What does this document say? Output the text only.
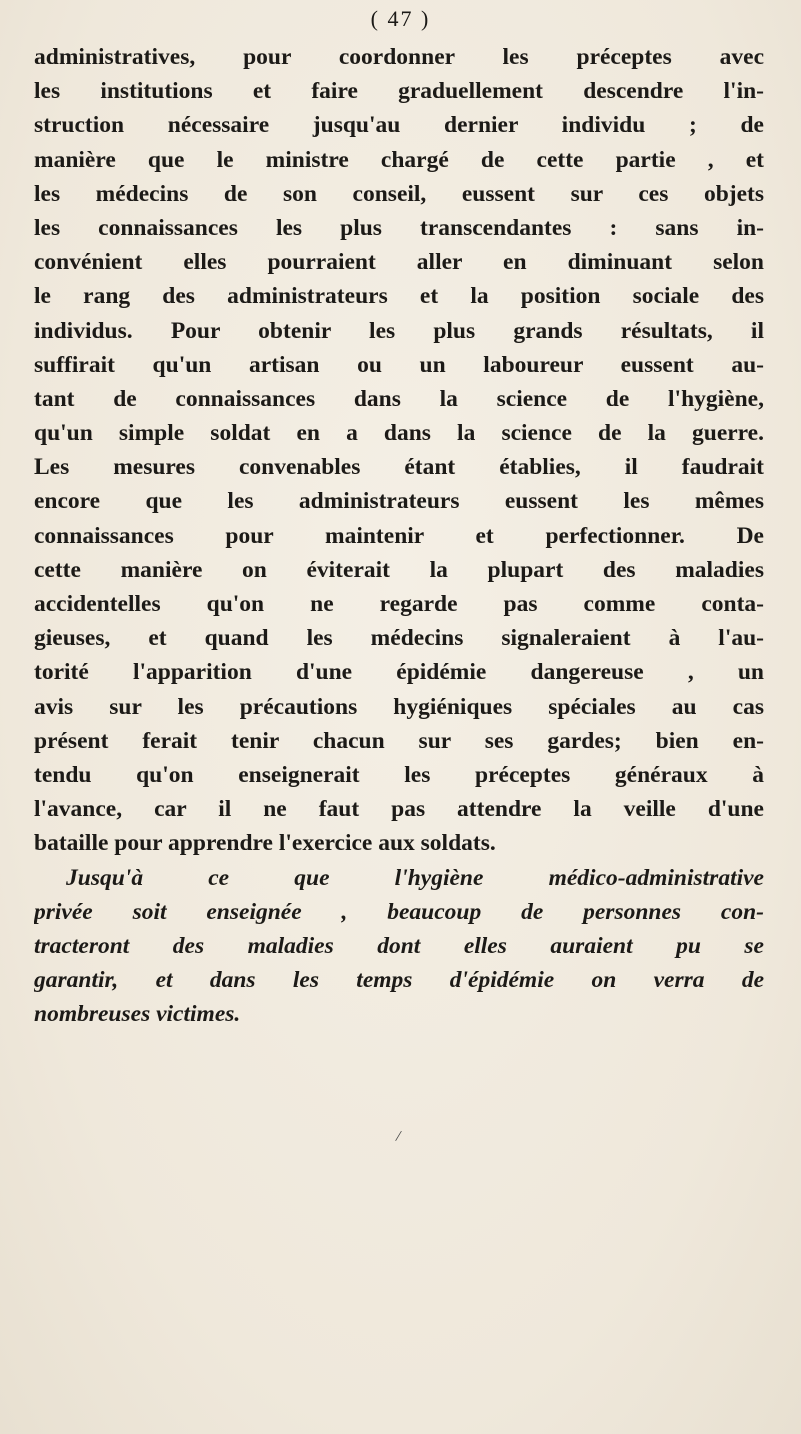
( 47 )
administratives, pour coordonner les préceptes avec
les institutions et faire graduellement descendre l'in-
struction nécessaire jusqu'au dernier individu ; de
manière que le ministre chargé de cette partie , et
les médecins de son conseil, eussent sur ces objets
les connaissances les plus transcendantes : sans in-
convénient elles pourraient aller en diminuant selon
le rang des administrateurs et la position sociale des
individus. Pour obtenir les plus grands résultats, il
suffirait qu'un artisan ou un laboureur eussent au-
tant de connaissances dans la science de l'hygiène,
qu'un simple soldat en a dans la science de la guerre.
Les mesures convenables étant établies, il faudrait
encore que les administrateurs eussent les mêmes
connaissances pour maintenir et perfectionner. De
cette manière on éviterait la plupart des maladies
accidentelles qu'on ne regarde pas comme conta-
gieuses, et quand les médecins signaleraient à l'au-
torité l'apparition d'une épidémie dangereuse , un
avis sur les précautions hygiéniques spéciales au cas
présent ferait tenir chacun sur ses gardes; bien en-
tendu qu'on enseignerait les préceptes généraux à
l'avance, car il ne faut pas attendre la veille d'une
bataille pour apprendre l'exercice aux soldats.
Jusqu'à ce que l'hygiène médico-administrative
privée soit enseignée , beaucoup de personnes con-
tracteront des maladies dont elles auraient pu se
garantir, et dans les temps d'épidémie on verra de
nombreuses victimes.
/
